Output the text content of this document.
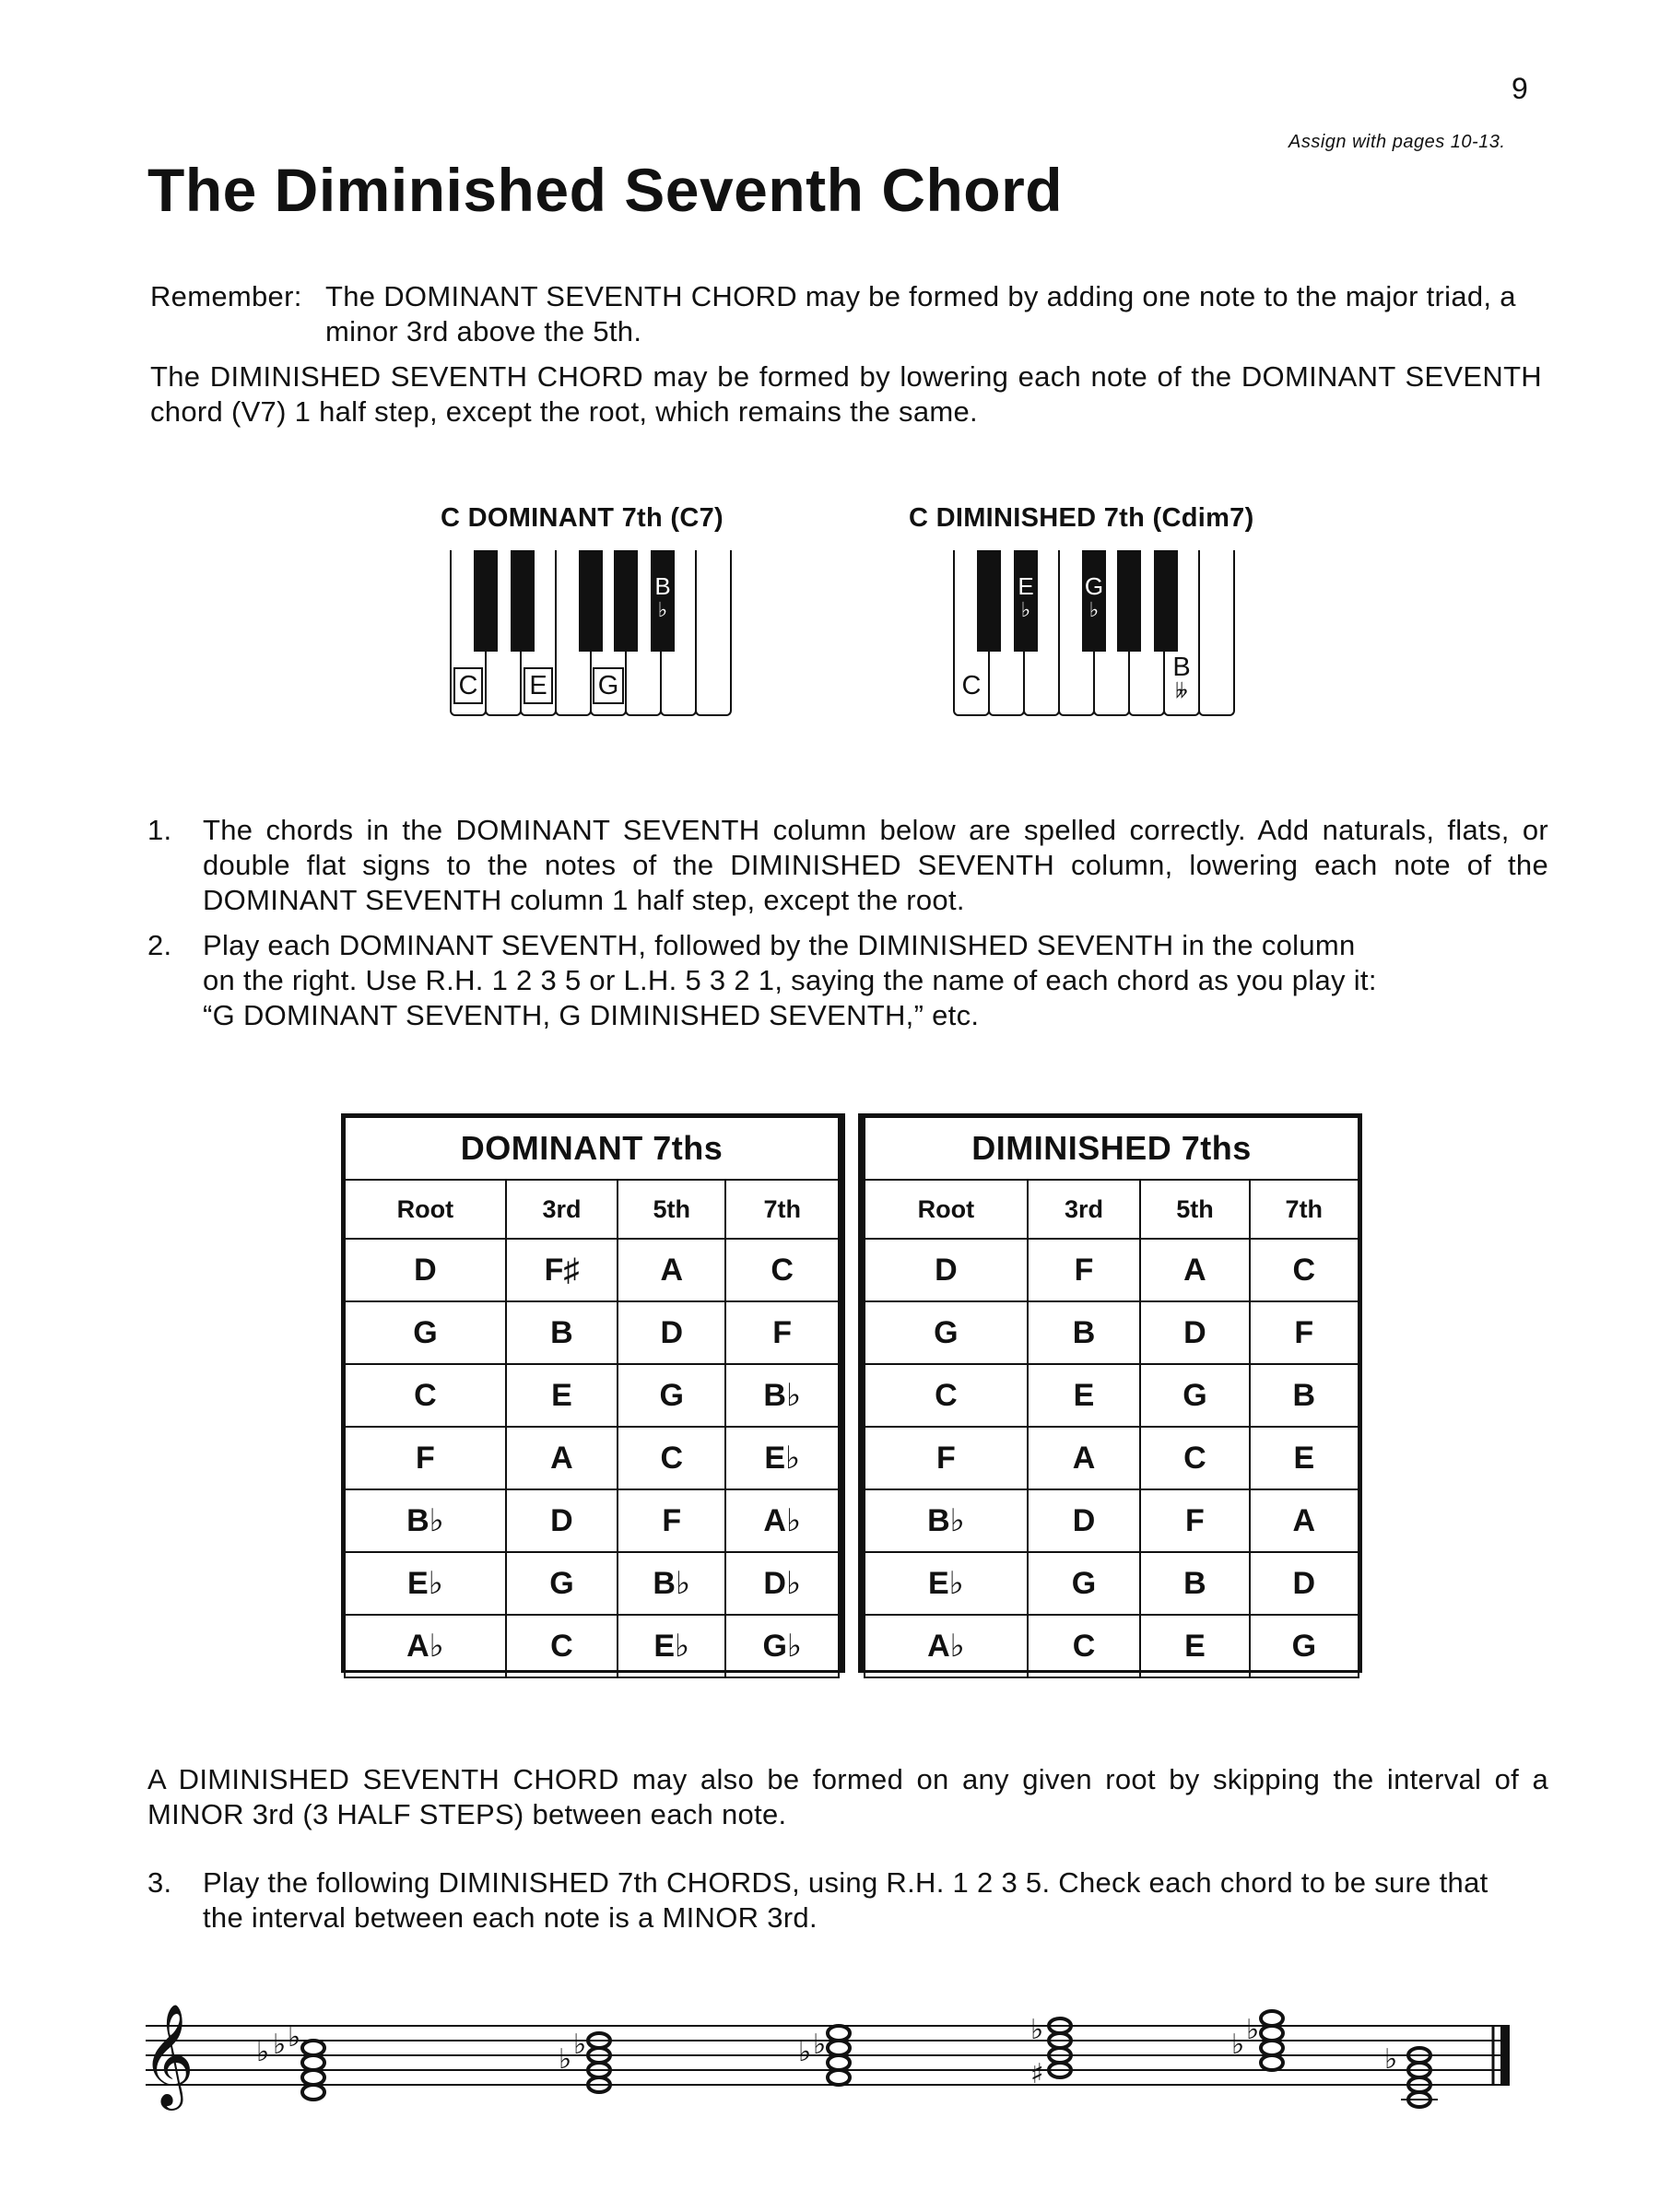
9
Assign with pages 10-13.
The Diminished Seventh Chord
Remember: The DOMINANT SEVENTH CHORD may be formed by adding one note to the major triad, a minor 3rd above the 5th.
The DIMINISHED SEVENTH CHORD may be formed by lowering each note of the DOMINANT SEVENTH chord (V7) 1 half step, except the root, which remains the same.
C DOMINANT 7th (C7)
C E G
B
♭
C DIMINISHED 7th (Cdim7)
C
E
♭
G
♭
B
𝄫
1. The chords in the DOMINANT SEVENTH column below are spelled correctly. Add naturals, flats, or double flat signs to the notes of the DIMINISHED SEVENTH column, lowering each note of the DOMINANT SEVENTH column 1 half step, except the root.
2. Play each DOMINANT SEVENTH, followed by the DIMINISHED SEVENTH in the column
on the right. Use R.H. 1 2 3 5 or L.H. 5 3 2 1, saying the name of each chord as you play it:
“G DOMINANT SEVENTH, G DIMINISHED SEVENTH,” etc.
DOMINANT 7ths			
Root	3rd	5th	7th
D	F♯	A	C
G	B	D	F
C	E	G	B♭
F	A	C	E♭
B♭	D	F	A♭
E♭	G	B♭	D♭
A♭	C	E♭	G♭
DIMINISHED 7ths			
Root	3rd	5th	7th
D	F	A	C
G	B	D	F
C	E	G	B
F	A	C	E
B♭	D	F	A
E♭	G	B	D
A♭	C	E	G
A DIMINISHED SEVENTH CHORD may also be formed on any given root by skipping the interval of a MINOR 3rd (3 HALF STEPS) between each note.
3. Play the following DIMINISHED 7th CHORDS, using R.H. 1 2 3 5. Check each chord to be sure that
the interval between each note is a MINOR 3rd.
𝄞 ♭ ♭ ♭
♭ ♭	♭ ♭
♯
♭	♭ ♭
♭
